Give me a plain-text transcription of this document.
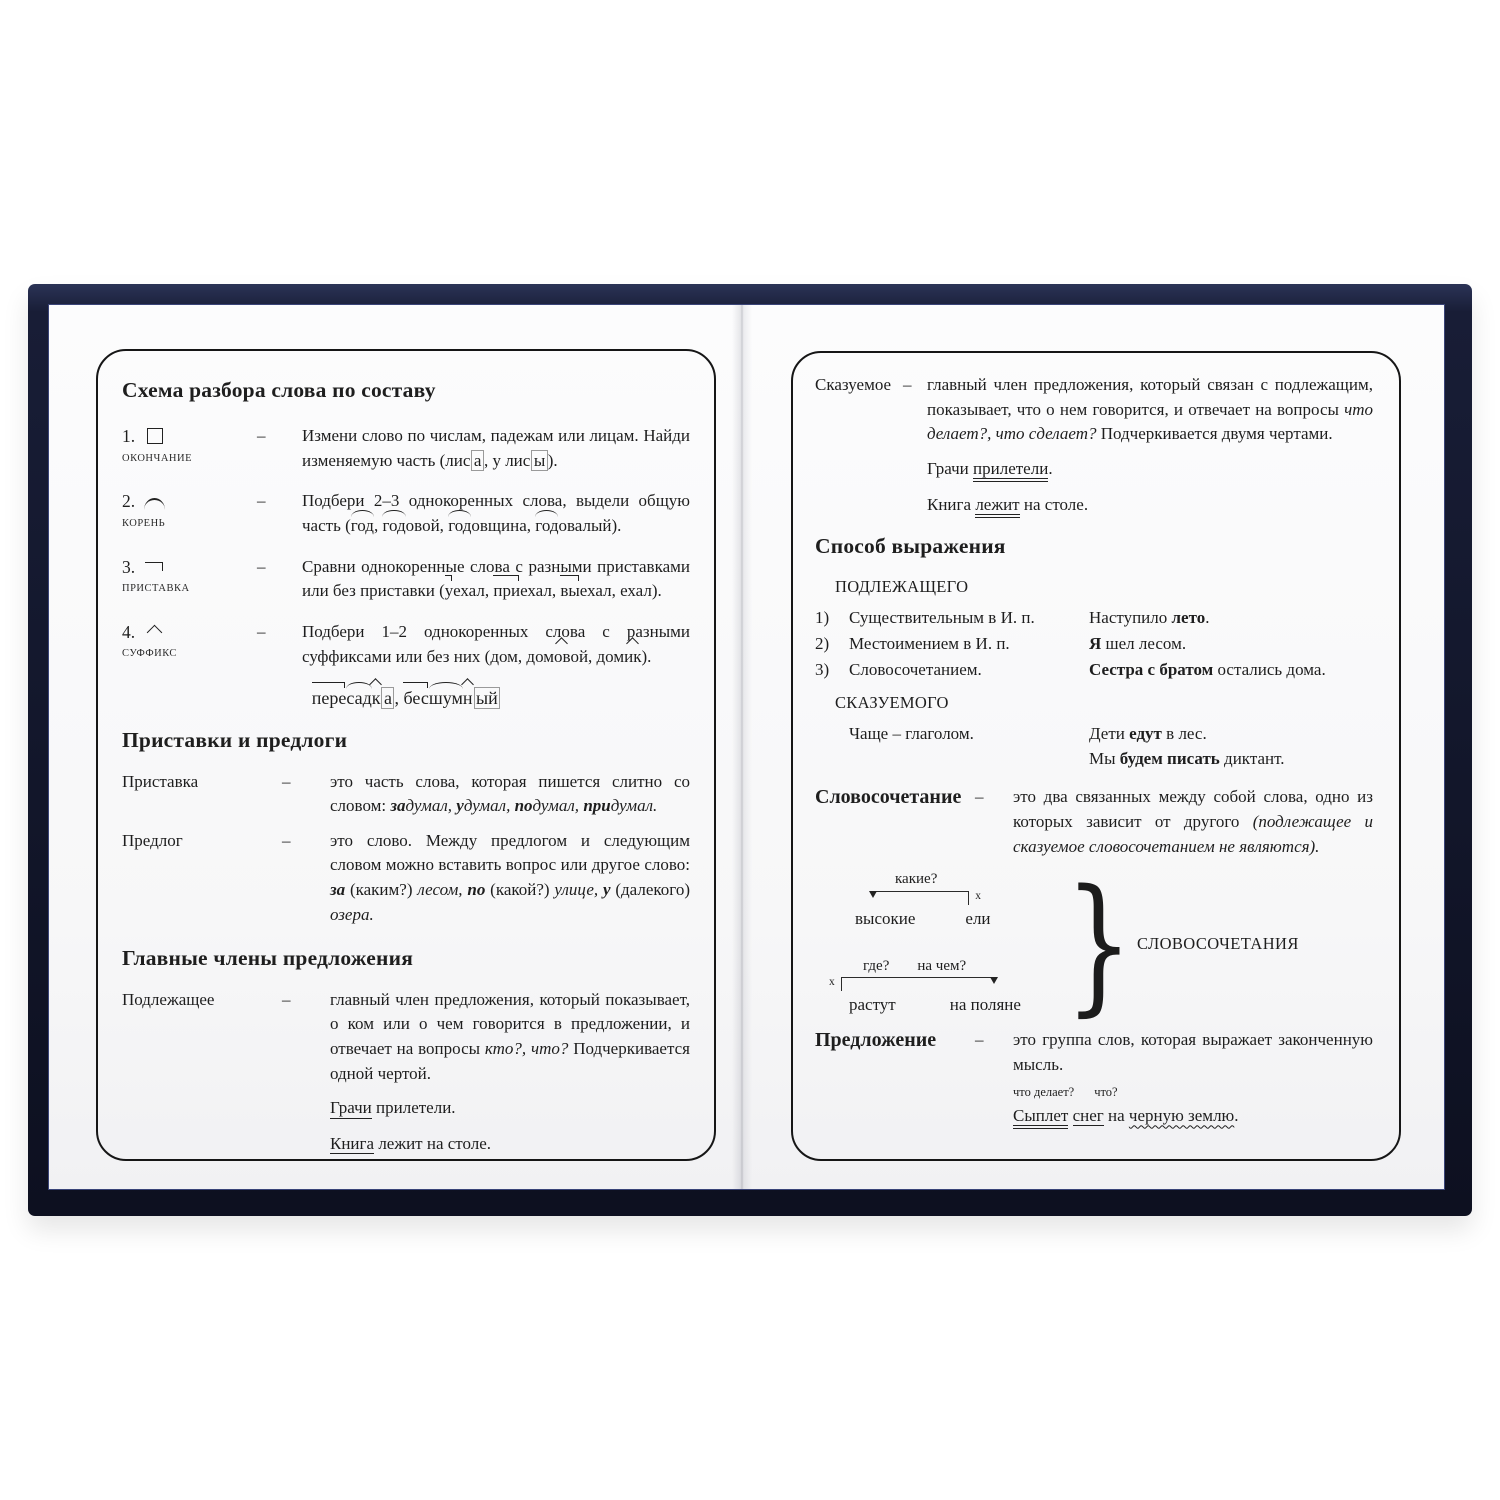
Схема разбора слова по составу
1.
ОКОНЧАНИЕ
–	Измени слово по числам, падежам или лицам. Найди изменяемую часть (лис а , у лис ы ).
2.
КОРЕНЬ
–	Подбери 2–3 однокоренных слова, выдели общую часть (год, годовой, годовщина, годовалый).
3.
ПРИСТАВКА
–	Сравни однокоренные слова с разными приставками или без приставки (уехал, приехал, выехал, ехал).
4.
СУФФИКС
–	Подбери 1–2 однокоренных слова с разными суффиксами или без них (дом, домовой, домик).
пересадк а , бесшумн ый
Приставки и предлоги
Приставка	–	это часть слова, которая пишется слитно со словом: задумал, удумал, подумал, придумал.
Предлог	–	это слово. Между предлогом и следующим словом можно вставить вопрос или другое слово: за (каким?) лесом, по (какой?) улице, у (далекого) озера.
Главные члены предложения
Подлежащее	–	главный член предложения, который показывает, о ком или о чем говорится в предложении, и отвечает на вопросы кто?, что? Подчеркивается одной чертой.
Грачи прилетели.
Книга лежит на столе.
Сказуемое – главный член предложения, который связан с подлежащим, показывает, что о нем говорится, и отвечает на вопросы что делает?, что сделает? Подчеркивается двумя чертами.
Грачи прилетели.
Книга лежит на столе.
Способ выражения
ПОДЛЕЖАЩЕГО
1)	Существительным в И. п.	Наступило лето.
2)	Местоимением в И. п.	Я шел лесом.
3)	Словосочетанием.	Сестра с братом остались дома.
СКАЗУЕМОГО
Чаще – глаголом.	Дети едут в лес.
Мы будем писать диктант.
Словосочетание –	это два связанных между собой слова, одно из которых зависит от другого (подлежащее и сказуемое словосочетанием не являются).
какие?
x
высокие	ели
где? на чем?
x
растут	на поляне } СЛОВОСОЧЕТАНИЯ
Предложение	–	это группа слов, которая выражает законченную мысль.
что делает? что?
Сыплет снег на черную землю.
